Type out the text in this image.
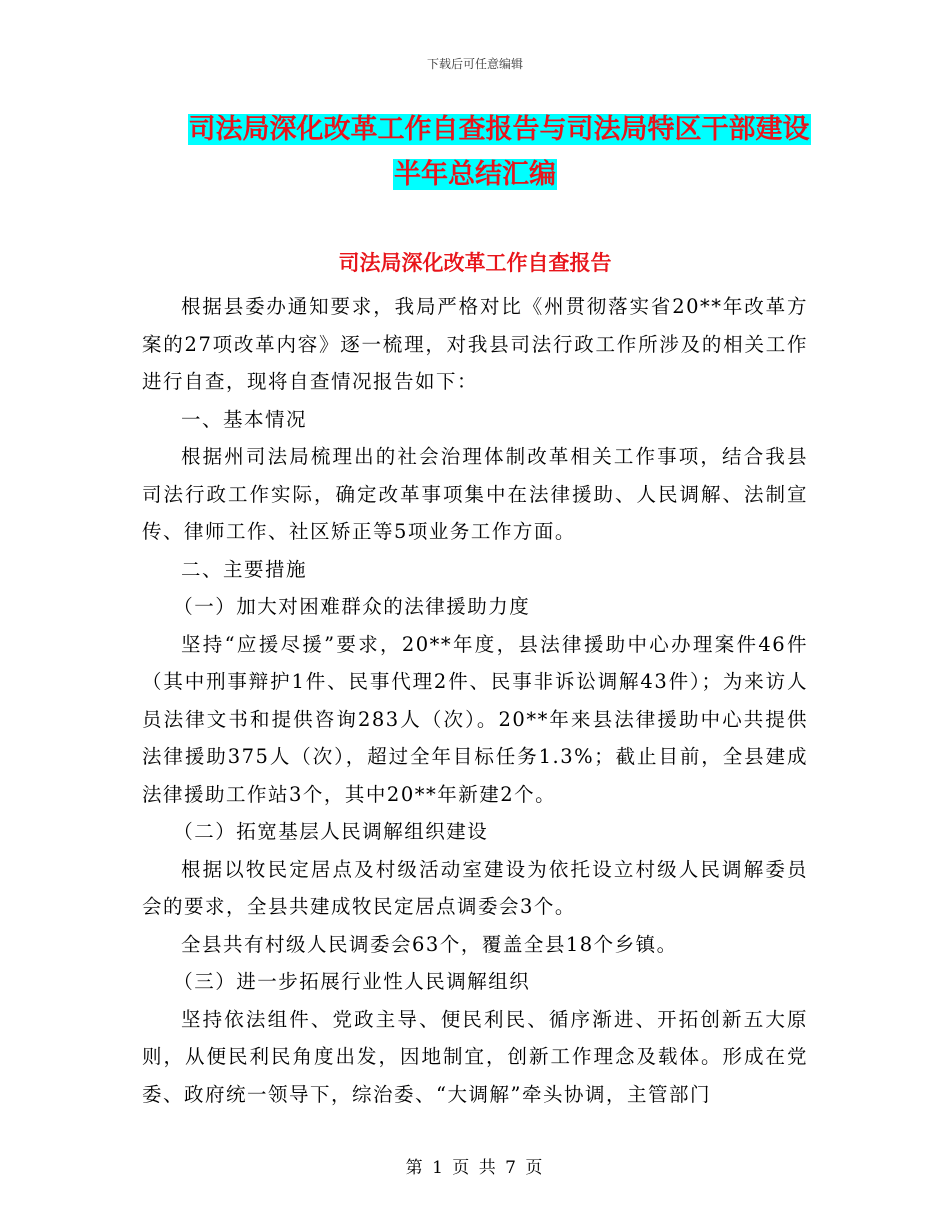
下载后可任意编辑
司法局深化改革工作自查报告与司法局特区干部建设
半年总结汇编
司法局深化改革工作自查报告

根据县委办通知要求，我局严格对比《州贯彻落实省20**年改革方案的27项改革内容》逐一梳理，对我县司法行政工作所涉及的相关工作进行自查，现将自查情况报告如下：

一、基本情况

根据州司法局梳理出的社会治理体制改革相关工作事项，结合我县司法行政工作实际，确定改革事项集中在法律援助、人民调解、法制宣传、律师工作、社区矫正等5项业务工作方面。

二、主要措施

（一）加大对困难群众的法律援助力度

坚持“应援尽援”要求，20**年度，县法律援助中心办理案件46件（其中刑事辩护1件、民事代理2件、民事非诉讼调解43件）；为来访人员法律文书和提供咨询283人（次）。20**年来县法律援助中心共提供法律援助375人（次），超过全年目标任务1.3%；截止目前，全县建成法律援助工作站3个，其中20**年新建2个。

（二）拓宽基层人民调解组织建设

根据以牧民定居点及村级活动室建设为依托设立村级人民调解委员会的要求，全县共建成牧民定居点调委会3个。

全县共有村级人民调委会63个，覆盖全县18个乡镇。

（三）进一步拓展行业性人民调解组织

坚持依法组件、党政主导、便民利民、循序渐进、开拓创新五大原则，从便民利民角度出发，因地制宜，创新工作理念及载体。形成在党委、政府统一领导下，综治委、“大调解”牵头协调，主管部门

第 1 页 共 7 页
